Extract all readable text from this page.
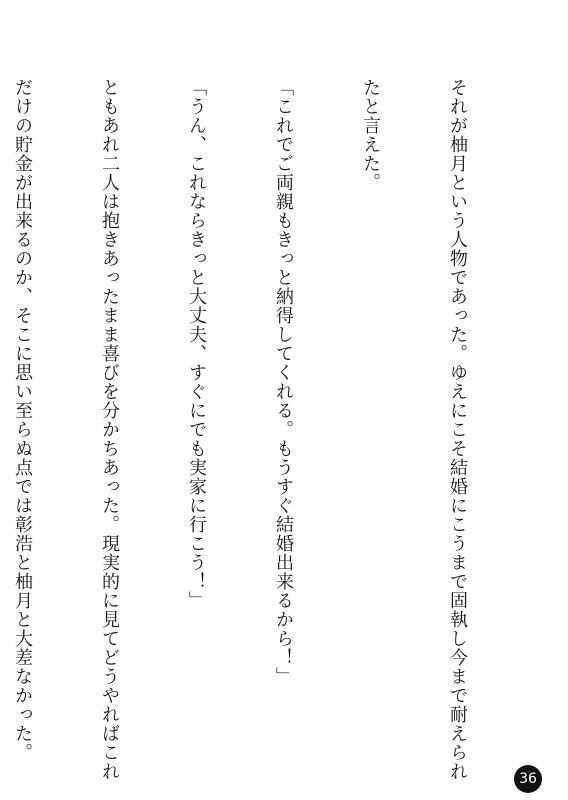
それが柚月という人物であった。ゆえにこそ結婚にこうまで固執し今まで耐えられ

たと言えた。

「これでご両親もきっと納得してくれる。もうすぐ結婚出来るから！」

「うん、これならきっと大丈夫、すぐにでも実家に行こう！」

ともあれ二人は抱きあったまま喜びを分かちあった。現実的に見てどうやればこれ

だけの貯金が出来るのか、そこに思い至らぬ点では彰浩と柚月と大差なかった。

36
